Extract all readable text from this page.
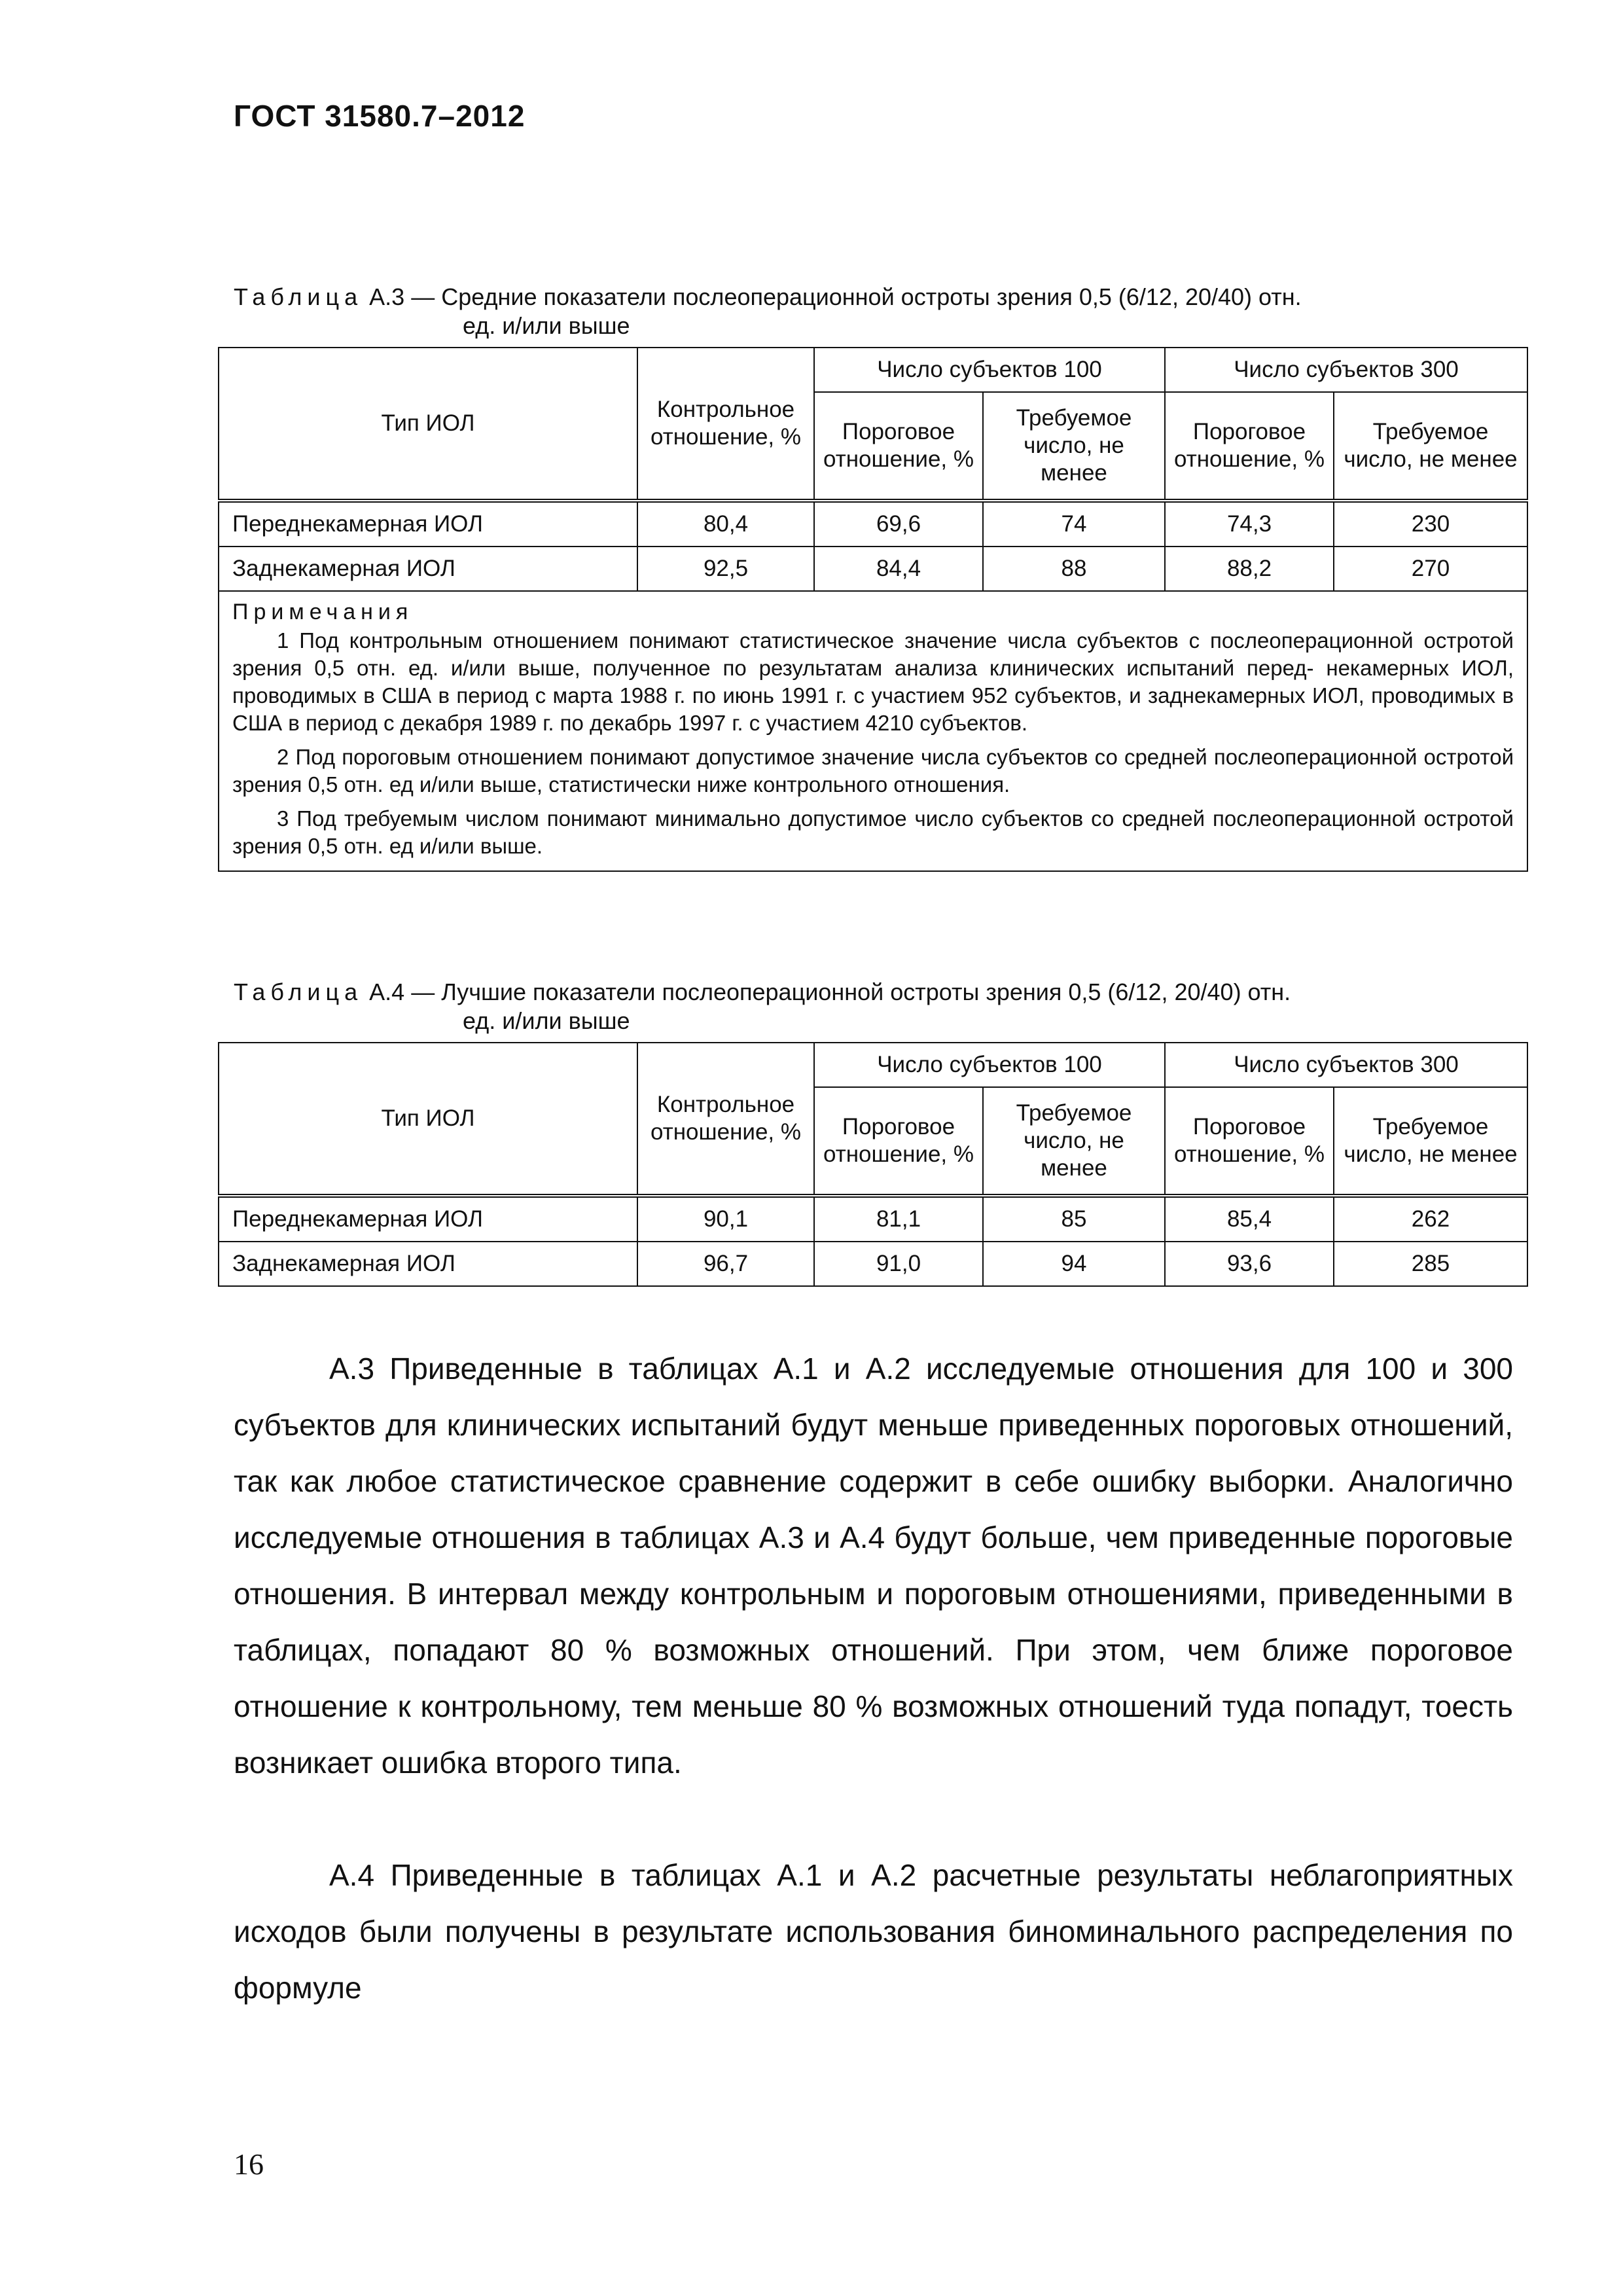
ГОСТ 31580.7–2012
Таблица А.3 — Средние показатели послеоперационной остроты зрения 0,5 (6/12, 20/40) отн.
ед. и/или выше
Тип ИОЛ	Контрольное отношение, %	Число субъектов 100		Число субъектов 300	
		Пороговое отношение, %	Требуемое число, не менее	Пороговое отношение, %	Требуемое число, не менее
Переднекамерная ИОЛ	80,4	69,6	74	74,3	230
Заднекамерная ИОЛ	92,5	84,4	88	88,2	270

Примечания

1 Под контрольным отношением понимают статистическое значение числа субъектов с послеоперационной остротой зрения 0,5 отн. ед. и/или выше, полученное по результатам анализа клинических испытаний перед- некамерных ИОЛ, проводимых в США в период с марта 1988 г. по июнь 1991 г. с участием 952 субъектов, и заднекамерных ИОЛ, проводимых в США в период с декабря 1989 г. по декабрь 1997 г. с участием 4210 субъектов.

2 Под пороговым отношением понимают допустимое значение числа субъектов со средней послеоперационной остротой зрения 0,5 отн. ед и/или выше, статистически ниже контрольного отношения.

3 Под требуемым числом понимают минимально допустимое число субъектов со средней послеоперационной остротой зрения 0,5 отн. ед и/или выше.					

Таблица А.4 — Лучшие показатели послеоперационной остроты зрения 0,5 (6/12, 20/40) отн.
ед. и/или выше
Тип ИОЛ	Контрольное отношение, %	Число субъектов 100		Число субъектов 300	
		Пороговое отношение, %	Требуемое число, не менее	Пороговое отношение, %	Требуемое число, не менее
Переднекамерная ИОЛ	90,1	81,1	85	85,4	262
Заднекамерная ИОЛ	96,7	91,0	94	93,6	285

А.3 Приведенные в таблицах А.1 и А.2 исследуемые отношения для 100 и 300 субъектов для клинических испытаний будут меньше приведенных пороговых отношений, так как любое статистическое сравнение содержит в себе ошибку выборки. Аналогично исследуемые отношения в таблицах А.3 и А.4 будут больше, чем приведенные пороговые отношения. В интервал между контрольным и пороговым отношениями, приведенными в таблицах, попадают 80 % возможных отношений. При этом, чем ближе пороговое отношение к контрольному, тем меньше 80 % возможных отношений туда попадут, тоесть возникает ошибка второго типа.

А.4 Приведенные в таблицах А.1 и А.2 расчетные результаты неблагоприятных исходов были получены в результате использования биноминального распределения по формуле

16
